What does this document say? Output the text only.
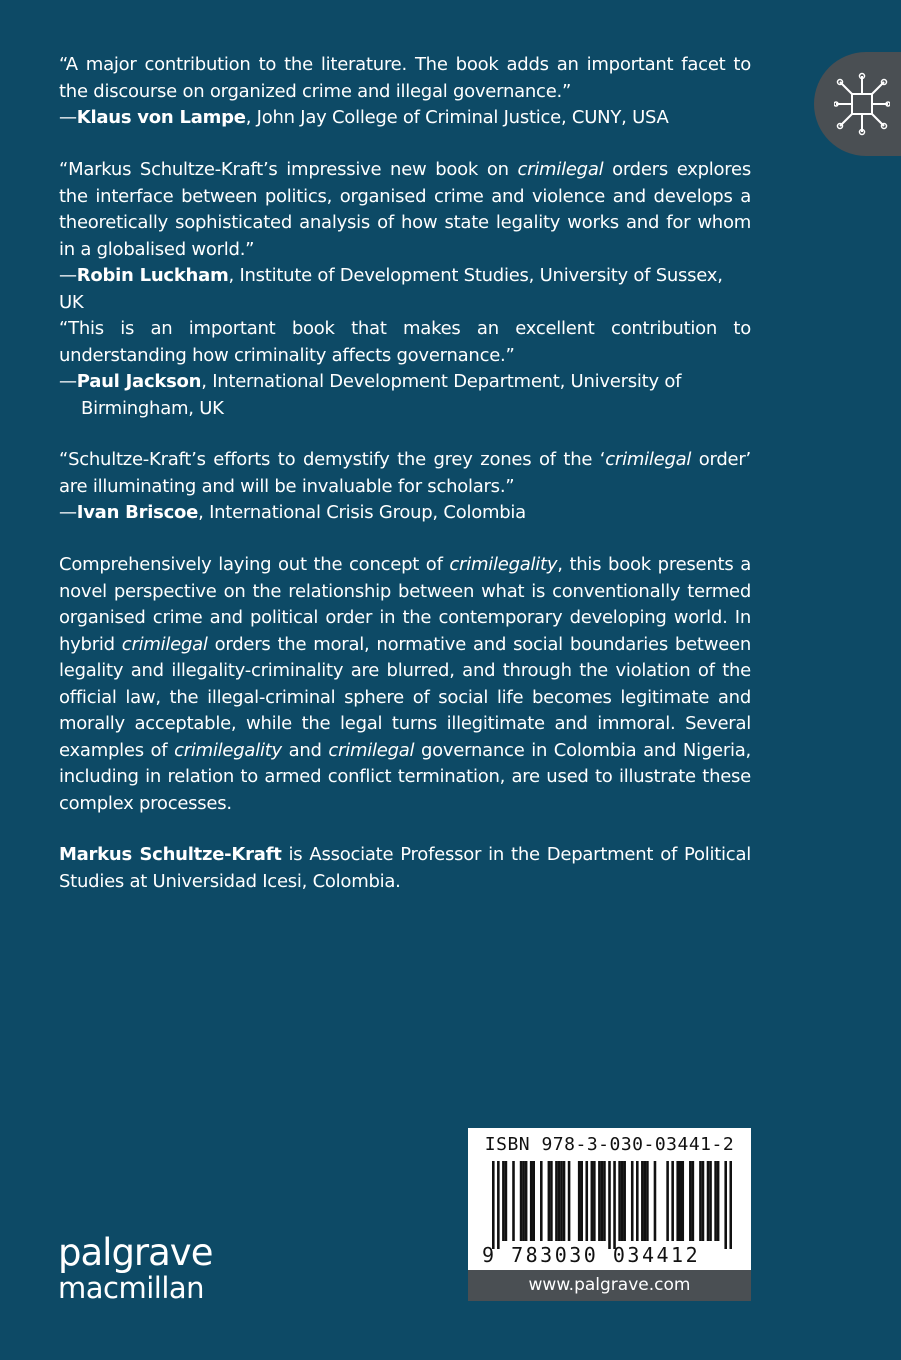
“A major contribution to the literature. The book adds an important facet to the discourse on organized crime and illegal governance.”

—Klaus von Lampe, John Jay College of Criminal Justice, CUNY, USA

“Markus Schultze-Kraft’s impressive new book on crimilegal orders explores the interface between politics, organised crime and violence and develops a theoretically sophisticated analysis of how state legality works and for whom in a globalised world.”

—Robin Luckham, Institute of Development Studies, University of Sussex, UK

“This is an important book that makes an excellent contribution to understanding how criminality affects governance.”

—Paul Jackson, International Development Department, University of

Birmingham, UK

“Schultze-Kraft’s efforts to demystify the grey zones of the ‘crimilegal order’ are illuminating and will be invaluable for scholars.”

—Ivan Briscoe, International Crisis Group, Colombia

Comprehensively laying out the concept of crimilegality, this book presents a novel perspective on the relationship between what is conventionally termed organised crime and political order in the contemporary developing world. In hybrid crimilegal orders the moral, normative and social boundaries between legality and illegality-criminality are blurred, and through the violation of the official law, the illegal-criminal sphere of social life becomes legitimate and morally acceptable, while the legal turns illegitimate and immoral. Several examples of crimilegality and crimilegal governance in Colombia and Nigeria, including in relation to armed conflict termination, are used to illustrate these complex processes.

Markus Schultze-Kraft is Associate Professor in the Department of Political Studies at Universidad Icesi, Colombia.

palgrave
macmillan
ISBN 978-3-030-03441-2
9 783030 034412
www.palgrave.com
